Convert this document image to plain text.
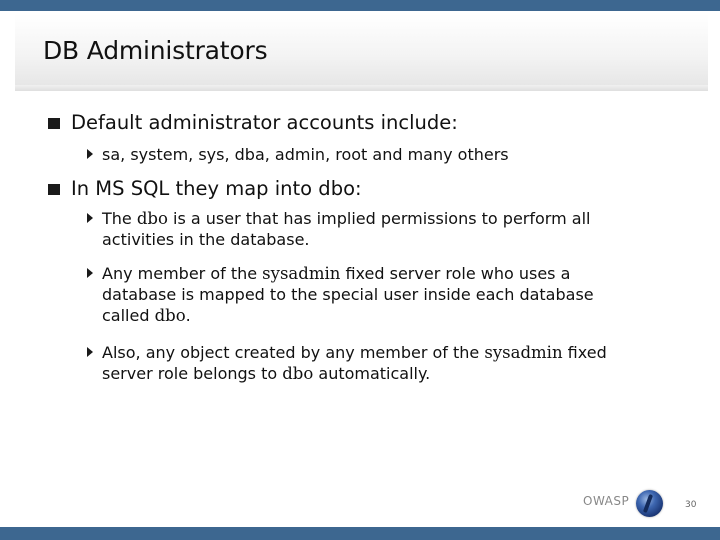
DB Administrators
Default administrator accounts include:
sa, system, sys, dba, admin, root and many others
In MS SQL they map into dbo:
The dbo is a user that has implied permissions to perform all
activities in the database.
Any member of the sysadmin fixed server role who uses a
database is mapped to the special user inside each database
called dbo.
Also, any object created by any member of the sysadmin fixed
server role belongs to dbo automatically.
OWASP	30
